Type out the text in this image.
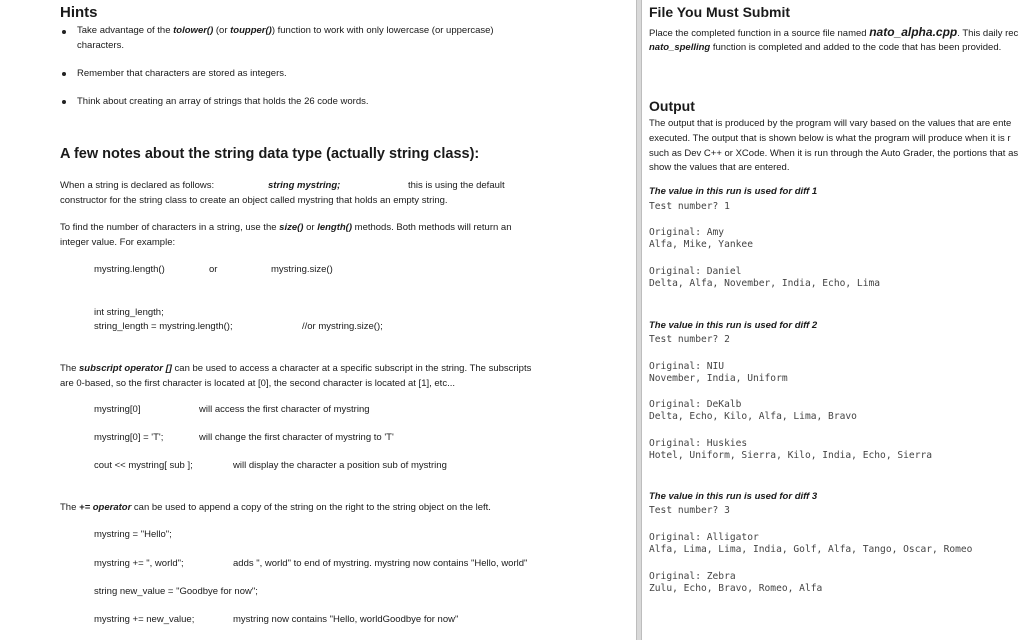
Hints
Take advantage of the tolower() (or toupper()) function to work with only lowercase (or uppercase)
characters.
Remember that characters are stored as integers.
Think about creating an array of strings that holds the 26 code words.
A few notes about the string data type (actually string class):
When a string is declared as follows:	string mystring;	this is using the default
constructor for the string class to create an object called mystring that holds an empty string.
To find the number of characters in a string, use the size() or length() methods. Both methods will return an
integer value. For example:
mystring.length()	or	mystring.size()
int string_length;
string_length = mystring.length();	//or mystring.size();
The subscript operator [] can be used to access a character at a specific subscript in the string. The subscripts
are 0-based, so the first character is located at [0], the second character is located at [1], etc...
mystring[0]	will access the first character of mystring
mystring[0] = 'T';	will change the first character of mystring to 'T'
cout << mystring[ sub ];	will display the character a position sub of mystring
The += operator can be used to append a copy of the string on the right to the string object on the left.
mystring = "Hello";
mystring += ", world";	adds ", world" to end of mystring. mystring now contains "Hello, world"
string new_value = "Goodbye for now";
mystring += new_value;	mystring now contains "Hello, worldGoodbye for now"
File You Must Submit
Place the completed function in a source file named nato_alpha.cpp. This daily rec
nato_spelling function is completed and added to the code that has been provided.
Output
The output that is produced by the program will vary based on the values that are ente
executed. The output that is shown below is what the program will produce when it is r
such as Dev C++ or XCode. When it is run through the Auto Grader, the portions that as
show the values that are entered.
The value in this run is used for diff 1
Test number? 1
Original: Amy
Alfa, Mike, Yankee
Original: Daniel
Delta, Alfa, November, India, Echo, Lima
The value in this run is used for diff 2
Test number? 2
Original: NIU
November, India, Uniform
Original: DeKalb
Delta, Echo, Kilo, Alfa, Lima, Bravo
Original: Huskies
Hotel, Uniform, Sierra, Kilo, India, Echo, Sierra
The value in this run is used for diff 3
Test number? 3
Original: Alligator
Alfa, Lima, Lima, India, Golf, Alfa, Tango, Oscar, Romeo
Original: Zebra
Zulu, Echo, Bravo, Romeo, Alfa
